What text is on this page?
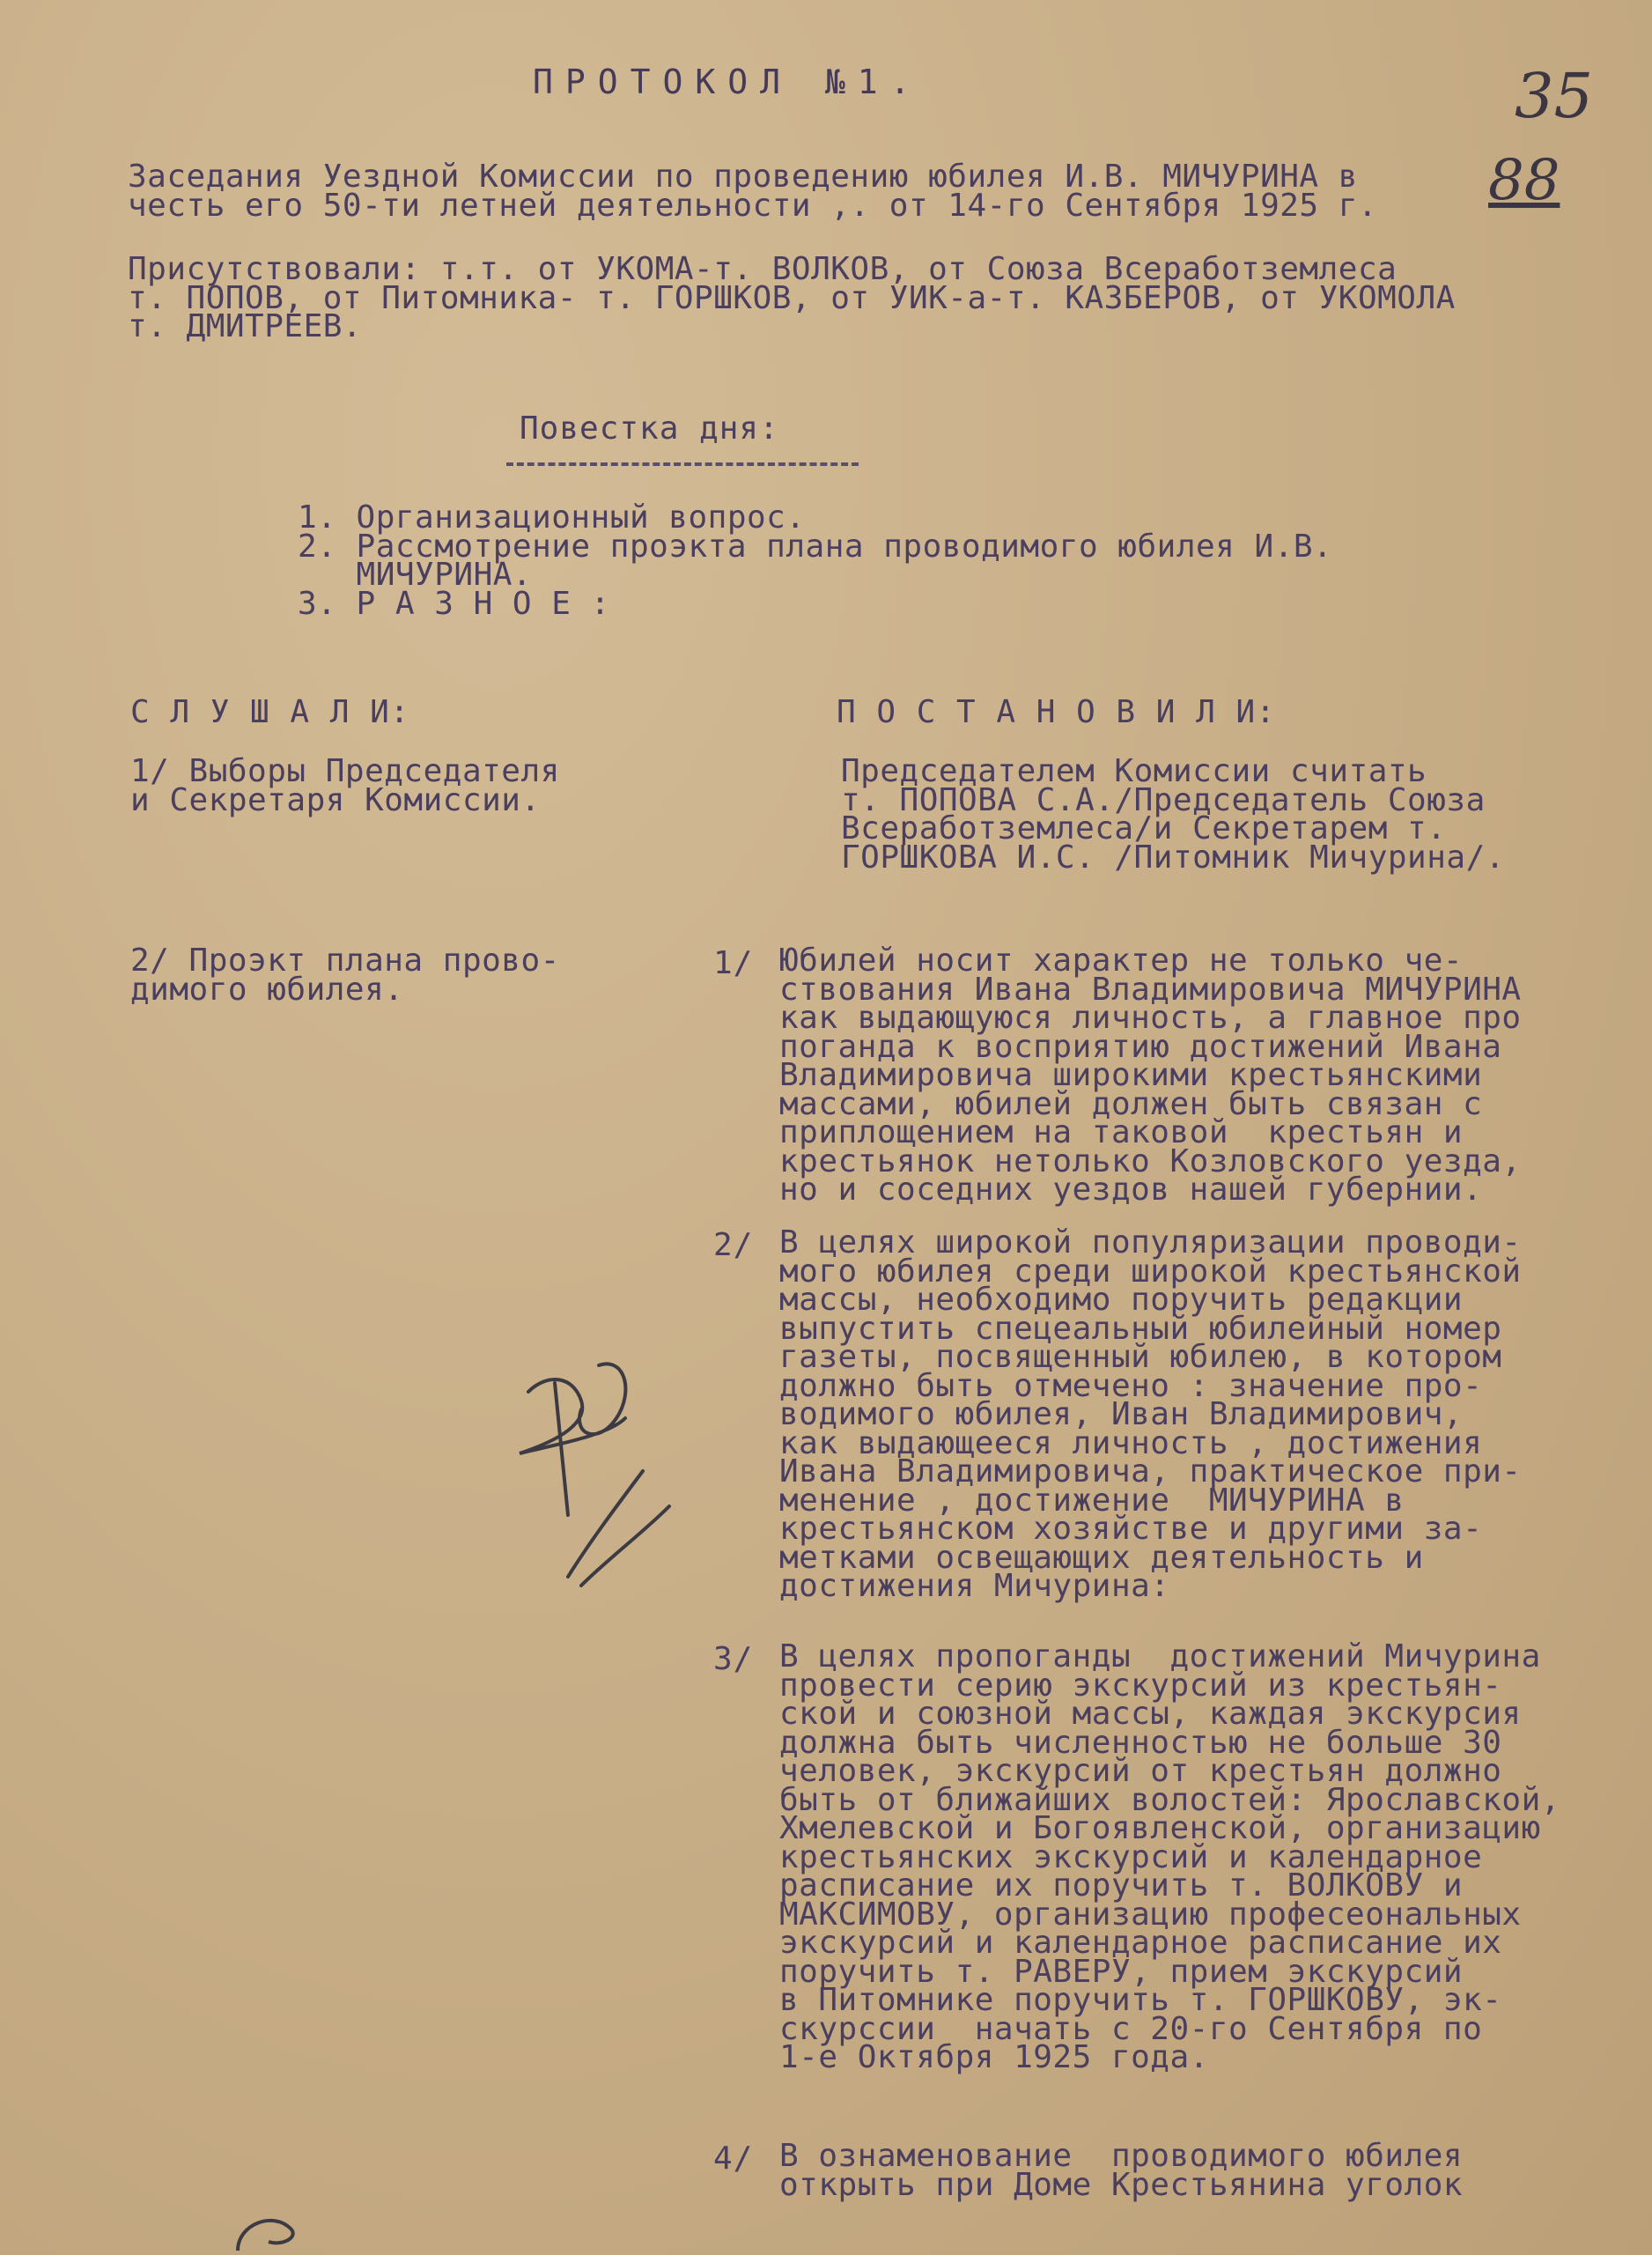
35
88
ПРОТОКОЛ №1.
Заседания Уездной Комиссии по проведению юбилея И.В. МИЧУРИНА в
честь его 50-ти летней деятельности ,. от 14-го Сентября 1925 г.
Присутствовали: т.т. от УКОМА-т. ВОЛКОВ, от Союза Всеработземлеса
т. ПОПОВ, от Питомника- т. ГОРШКОВ, от УИК-а-т. КАЗБЕРОВ, от УКОМОЛА
т. ДМИТРЕЕВ.
Повестка дня:
1. Организационный вопрос.
2. Рассмотрение проэкта плана проводимого юбилея И.В.
МИЧУРИНА.
3. Р А З Н О Е :
С Л У Ш А Л И:	П О С Т А Н О В И Л И:
1/ Выборы Председателя
и Секретаря Комиссии.
Председателем Комиссии считать
т. ПОПОВА С.А./Председатель Союза
Всеработземлеса/и Секретарем т.
ГОРШКОВА И.С. /Питомник Мичурина/.
2/ Проэкт плана прово-
димого юбилея.
1/ Юбилей носит характер не только че-
ствования Ивана Владимировича МИЧУРИНА
как выдающуюся личность, а главное про
поганда к восприятию достижений Ивана
Владимировича широкими крестьянскими
массами, юбилей должен быть связан с
приплощением на таковой  крестьян и
крестьянок нетолько Козловского уезда,
но и соседних уездов нашей губернии.
2/ В целях широкой популяризации проводи-
мого юбилея среди широкой крестьянской
массы, необходимо поручить редакции
выпустить спецеальный юбилейный номер
газеты, посвященный юбилею, в котором
должно быть отмечено : значение про-
водимого юбилея, Иван Владимирович,
как выдающееся личность , достижения
Ивана Владимировича, практическое при-
менение , достижение  МИЧУРИНА в
крестьянском хозяйстве и другими за-
метками освещающих деятельность и
достижения Мичурина:
3/ В целях пропоганды  достижений Мичурина
провести серию экскурсий из крестьян-
ской и союзной массы, каждая экскурсия
должна быть численностью не больше 30
человек, экскурсий от крестьян должно
быть от ближайших волостей: Ярославской,
Хмелевской и Богоявленской, организацию
крестьянских экскурсий и календарное
расписание их поручить т. ВОЛКОВУ и
МАКСИМОВУ, организацию професеональных
экскурсий и календарное расписание их
поручить т. РАВЕРУ, прием экскурсий
в Питомнике поручить т. ГОРШКОВУ, эк-
скурссии  начать с 20-го Сентября по
1-е Октября 1925 года.
4/ В ознаменование  проводимого юбилея
открыть при Доме Крестьянина уголок
